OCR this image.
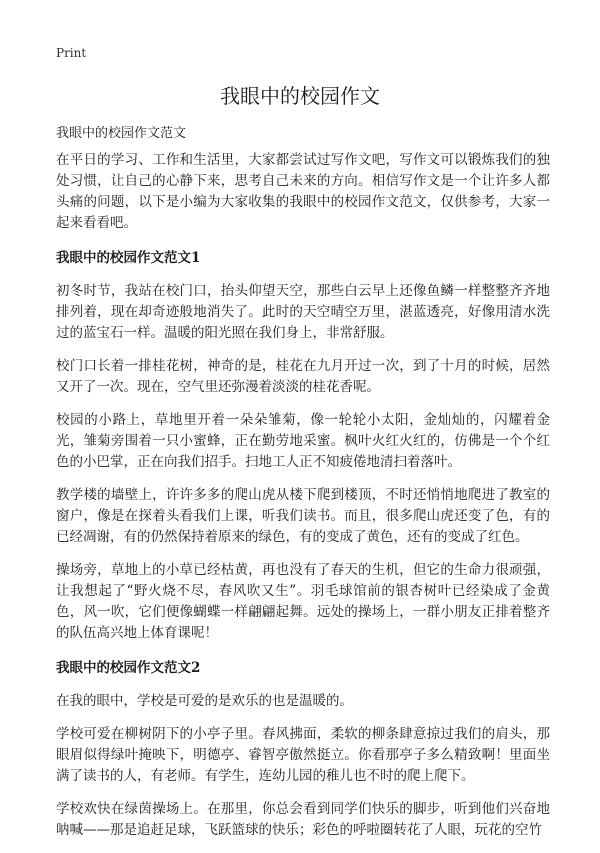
Print
我眼中的校园作文
我眼中的校园作文范文

在平日的学习、工作和生活里，大家都尝试过写作文吧，写作文可以锻炼我们的独处习惯，让自己的心静下来，思考自己未来的方向。相信写作文是一个让许多人都头痛的问题，以下是小编为大家收集的我眼中的校园作文范文，仅供参考，大家一起来看看吧。

我眼中的校园作文范文1

初冬时节，我站在校门口，抬头仰望天空，那些白云早上还像鱼鳞一样整整齐齐地排列着，现在却奇迹般地消失了。此时的天空晴空万里，湛蓝透亮，好像用清水洗过的蓝宝石一样。温暖的阳光照在我们身上，非常舒服。

校门口长着一排桂花树，神奇的是，桂花在九月开过一次，到了十月的时候，居然又开了一次。现在，空气里还弥漫着淡淡的桂花香呢。

校园的小路上，草地里开着一朵朵雏菊，像一轮轮小太阳，金灿灿的，闪耀着金光，雏菊旁围着一只小蜜蜂，正在勤劳地采蜜。枫叶火红火红的，仿佛是一个个红色的小巴掌，正在向我们招手。扫地工人正不知疲倦地清扫着落叶。

教学楼的墙壁上，许许多多的爬山虎从楼下爬到楼顶，不时还悄悄地爬进了教室的窗户，像是在探着头看我们上课，听我们读书。而且，很多爬山虎还变了色，有的已经凋谢，有的仍然保持着原来的绿色，有的变成了黄色，还有的变成了红色。

操场旁，草地上的小草已经枯黄，再也没有了春天的生机，但它的生命力很顽强，让我想起了“野火烧不尽，春风吹又生”。羽毛球馆前的银杏树叶已经染成了金黄色，风一吹，它们便像蝴蝶一样翩翩起舞。远处的操场上，一群小朋友正排着整齐的队伍高兴地上体育课呢！

我眼中的校园作文范文2

在我的眼中，学校是可爱的是欢乐的也是温暖的。

学校可爱在柳树阴下的小亭子里。春风拂面，柔软的柳条肆意掠过我们的肩头，那眼眉似得绿叶掩映下，明德亭、睿智亭傲然挺立。你看那亭子多么精致啊！里面坐满了读书的人，有老师。有学生，连幼儿园的稚儿也不时的爬上爬下。

学校欢快在绿茵操场上。在那里，你总会看到同学们快乐的脚步，听到他们兴奋地呐喊——那是追赶足球，飞跃篮球的快乐；彩色的呼啦圈转花了人眼，玩花的空竹
